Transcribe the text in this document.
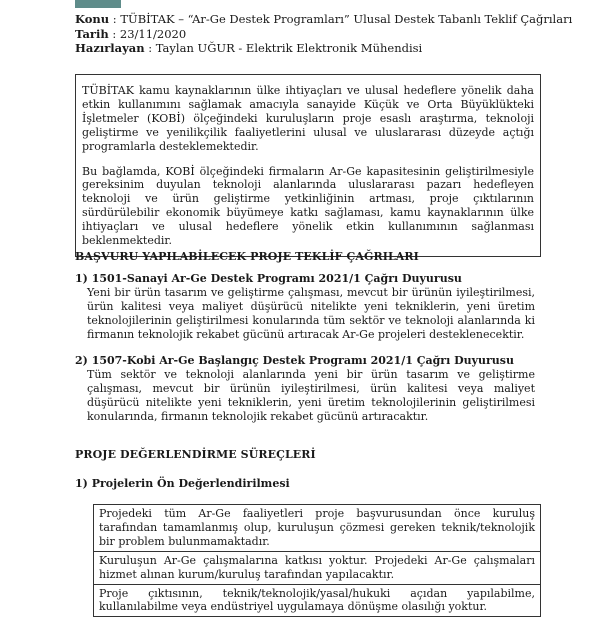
Konu : TÜBİTAK – “Ar-Ge Destek Programları” Ulusal Destek Tabanlı Teklif Çağrıları
Tarih : 23/11/2020
Hazırlayan : Taylan UĞUR - Elektrik Elektronik Mühendisi

TÜBİTAK kamu kaynaklarının ülke ihtiyaçları ve ulusal hedeflere yönelik daha etkin kullanımını sağlamak amacıyla sanayide Küçük ve Orta Büyüklükteki İşletmeler (KOBİ) ölçeğindeki kuruluşların proje esaslı araştırma, teknoloji geliştirme ve yenilikçilik faaliyetlerini ulusal ve uluslararası düzeyde açtığı programlarla desteklemektedir.

Bu bağlamda, KOBİ ölçeğindeki firmaların Ar-Ge kapasitesinin geliştirilmesiyle gereksinim duyulan teknoloji alanlarında uluslararası pazarı hedefleyen teknoloji ve ürün geliştirme yetkinliğinin artması, proje çıktılarının sürdürülebilir ekonomik büyümeye katkı sağlaması, kamu kaynaklarının ülke ihtiyaçları ve ulusal hedeflere yönelik etkin kullanımının sağlanması beklenmektedir.

BAŞVURU YAPILABİLECEK PROJE TEKLİF ÇAĞRILARI
1) 1501-Sanayi Ar-Ge Destek Programı 2021/1 Çağrı Duyurusu
Yeni bir ürün tasarım ve geliştirme çalışması, mevcut bir ürünün iyileştirilmesi, ürün kalitesi veya maliyet düşürücü nitelikte yeni tekniklerin, yeni üretim teknolojilerinin geliştirilmesi konularında tüm sektör ve teknoloji alanlarında ki firmanın teknolojik rekabet gücünü artıracak Ar-Ge projeleri desteklenecektir.
2) 1507-Kobi Ar-Ge Başlangıç Destek Programı 2021/1 Çağrı Duyurusu
Tüm sektör ve teknoloji alanlarında yeni bir ürün tasarım ve geliştirme çalışması, mevcut bir ürünün iyileştirilmesi, ürün kalitesi veya maliyet düşürücü nitelikte yeni tekniklerin, yeni üretim teknolojilerinin geliştirilmesi konularında, firmanın teknolojik rekabet gücünü artıracaktır.
PROJE DEĞERLENDİRME SÜREÇLERİ
1) Projelerin Ön Değerlendirilmesi
Projedeki tüm Ar-Ge faaliyetleri proje başvurusundan önce kuruluş tarafından tamamlanmış olup, kuruluşun çözmesi gereken teknik/teknolojik bir problem bulunmamaktadır.
Kuruluşun Ar-Ge çalışmalarına katkısı yoktur. Projedeki Ar-Ge çalışmaları hizmet alınan kurum/kuruluş tarafından yapılacaktır.
Proje çıktısının, teknik/teknolojik/yasal/hukuki açıdan yapılabilme, kullanılabilme veya endüstriyel uygulamaya dönüşme olasılığı yoktur.
